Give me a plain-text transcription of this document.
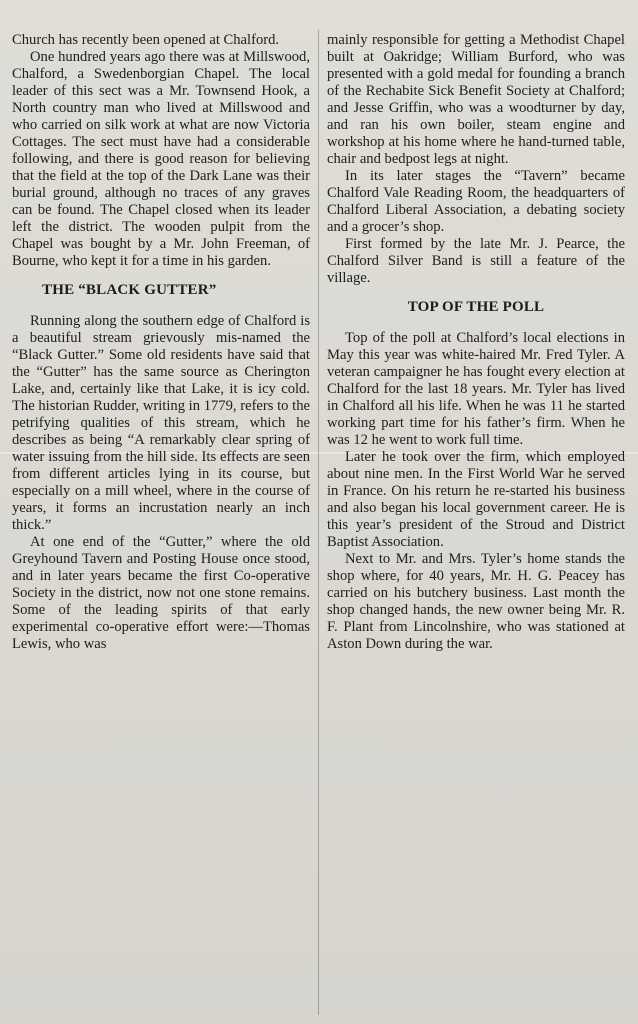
Church has recently been opened at Chalford.

One hundred years ago there was at Millswood, Chalford, a Swedenborgian Chapel. The local leader of this sect was a Mr. Townsend Hook, a North country man who lived at Millswood and who carried on silk work at what are now Victoria Cottages. The sect must have had a considerable following, and there is good reason for believing that the field at the top of the Dark Lane was their burial ground, although no traces of any graves can be found. The Chapel closed when its leader left the district. The wooden pulpit from the Chapel was bought by a Mr. John Freeman, of Bourne, who kept it for a time in his garden.

THE “BLACK GUTTER”

Running along the southern edge of Chalford is a beautiful stream grievously mis-named the “Black Gutter.” Some old residents have said that the “Gutter” has the same source as Cherington Lake, and, certainly like that Lake, it is icy cold. The historian Rudder, writing in 1779, refers to the petrifying qualities of this stream, which he describes as being “A remarkably clear spring of water issuing from the hill side. Its effects are seen from different articles lying in its course, but especially on a mill wheel, where in the course of years, it forms an incrustation nearly an inch thick.”

At one end of the “Gutter,” where the old Greyhound Tavern and Posting House once stood, and in later years became the first Co-operative Society in the district, now not one stone remains. Some of the leading spirits of that early experimental co-operative effort were:—Thomas Lewis, who was

mainly responsible for getting a Methodist Chapel built at Oakridge; William Burford, who was presented with a gold medal for founding a branch of the Rechabite Sick Benefit Society at Chalford; and Jesse Griffin, who was a woodturner by day, and ran his own boiler, steam engine and workshop at his home where he hand-turned table, chair and bedpost legs at night.

In its later stages the “Tavern” became Chalford Vale Reading Room, the headquarters of Chalford Liberal Association, a debating society and a grocer’s shop.

First formed by the late Mr. J. Pearce, the Chalford Silver Band is still a feature of the village.

TOP OF THE POLL

Top of the poll at Chalford’s local elections in May this year was white-haired Mr. Fred Tyler. A veteran campaigner he has fought every election at Chalford for the last 18 years. Mr. Tyler has lived in Chalford all his life. When he was 11 he started working part time for his father’s firm. When he was 12 he went to work full time.

Later he took over the firm, which employed about nine men. In the First World War he served in France. On his return he re-started his business and also began his local government career. He is this year’s president of the Stroud and District Baptist Association.

Next to Mr. and Mrs. Tyler’s home stands the shop where, for 40 years, Mr. H. G. Peacey has carried on his butchery business. Last month the shop changed hands, the new owner being Mr. R. F. Plant from Lincolnshire, who was stationed at Aston Down during the war.
